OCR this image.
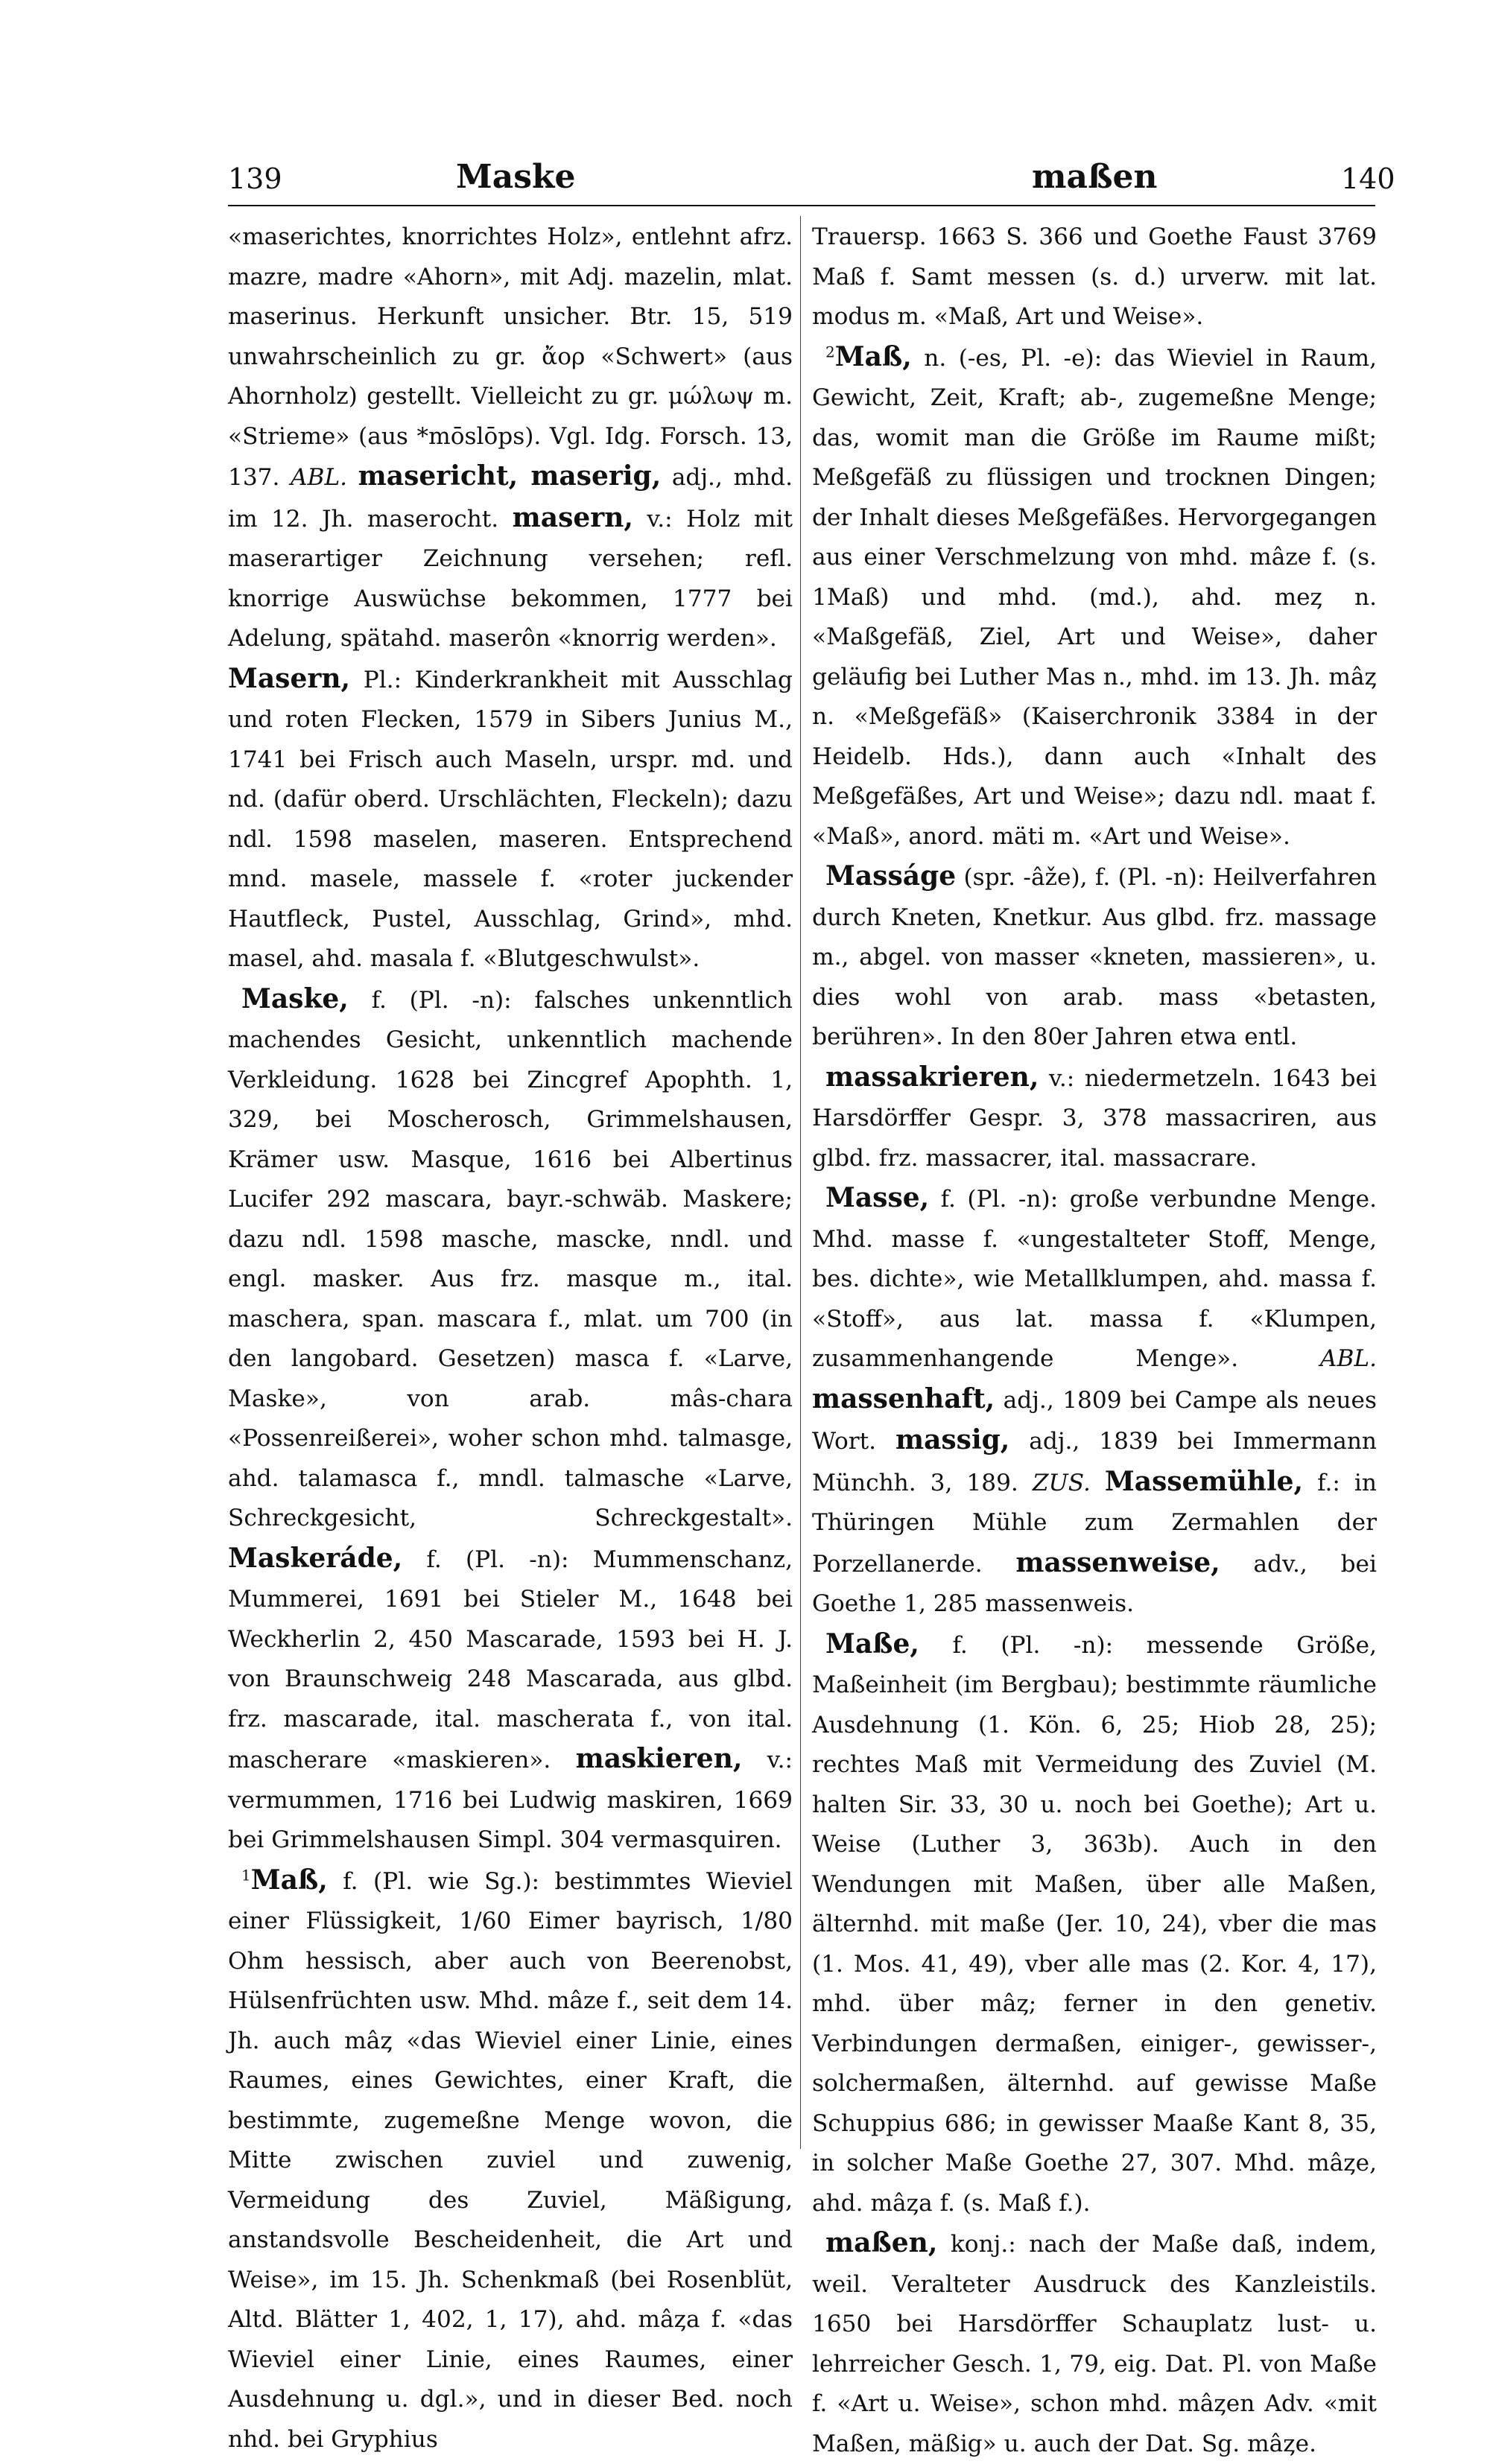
139	Maske	maßen	140

«maserichtes, knorrichtes Holz», entlehnt afrz. mazre, madre «Ahorn», mit Adj. mazelin, mlat. maserinus. Herkunft unsicher. Btr. 15, 519 unwahrscheinlich zu gr. ἄορ «Schwert» (aus Ahornholz) gestellt. Vielleicht zu gr. μώλωψ m. «Strieme» (aus *mōslōps). Vgl. Idg. Forsch. 13, 137. ABL. masericht, maserig, adj., mhd. im 12. Jh. maserocht. masern, v.: Holz mit maserartiger Zeichnung versehen; refl. knorrige Auswüchse bekommen, 1777 bei Adelung, spätahd. maserôn «knorrig werden».

Masern, Pl.: Kinderkrankheit mit Ausschlag und roten Flecken, 1579 in Sibers Junius M., 1741 bei Frisch auch Maseln, urspr. md. und nd. (dafür oberd. Urschlächten, Fleckeln); dazu ndl. 1598 maselen, maseren. Entsprechend mnd. masele, massele f. «roter juckender Hautfleck, Pustel, Ausschlag, Grind», mhd. masel, ahd. masala f. «Blutgeschwulst».

Maske, f. (Pl. -n): falsches unkenntlich machendes Gesicht, unkenntlich machende Verkleidung. 1628 bei Zincgref Apophth. 1, 329, bei Moscherosch, Grimmelshausen, Krämer usw. Masque, 1616 bei Albertinus Lucifer 292 mascara, bayr.-schwäb. Maskere; dazu ndl. 1598 masche, mascke, nndl. und engl. masker. Aus frz. masque m., ital. maschera, span. mascara f., mlat. um 700 (in den langobard. Gesetzen) masca f. «Larve, Maske», von arab. mâs-chara «Possenreißerei», woher schon mhd. talmasge, ahd. talamasca f., mndl. talmasche «Larve, Schreckgesicht, Schreckgestalt». Maskeráde, f. (Pl. -n): Mummenschanz, Mummerei, 1691 bei Stieler M., 1648 bei Weckherlin 2, 450 Mascarade, 1593 bei H. J. von Braunschweig 248 Mascarada, aus glbd. frz. mascarade, ital. mascherata f., von ital. mascherare «maskieren». maskieren, v.: vermummen, 1716 bei Ludwig maskiren, 1669 bei Grimmelshausen Simpl. 304 vermasquiren.

$^1$Maß, f. (Pl. wie Sg.): bestimmtes Wieviel einer Flüssigkeit, 1/60 Eimer bayrisch, 1/80 Ohm hessisch, aber auch von Beerenobst, Hülsenfrüchten usw. Mhd. mâze f., seit dem 14. Jh. auch mâȥ «das Wieviel einer Linie, eines Raumes, eines Gewichtes, einer Kraft, die bestimmte, zugemeßne Menge wovon, die Mitte zwischen zuviel und zuwenig, Vermeidung des Zuviel, Mäßigung, anstandsvolle Bescheidenheit, die Art und Weise», im 15. Jh. Schenkmaß (bei Rosenblüt, Altd. Blätter 1, 402, 1, 17), ahd. mâȥa f. «das Wieviel einer Linie, eines Raumes, einer Ausdehnung u. dgl.», und in dieser Bed. noch nhd. bei Gryphius

Trauersp. 1663 S. 366 und Goethe Faust 3769 Maß f. Samt messen (s. d.) urverw. mit lat. modus m. «Maß, Art und Weise».

$^2$Maß, n. (-es, Pl. -e): das Wieviel in Raum, Gewicht, Zeit, Kraft; ab-, zugemeßne Menge; das, womit man die Größe im Raume mißt; Meßgefäß zu flüssigen und trocknen Dingen; der Inhalt dieses Meßgefäßes. Hervorgegangen aus einer Verschmelzung von mhd. mâze f. (s. 1Maß) und mhd. (md.), ahd. meȥ n. «Maßgefäß, Ziel, Art und Weise», daher geläufig bei Luther Mas n., mhd. im 13. Jh. mâȥ n. «Meßgefäß» (Kaiserchronik 3384 in der Heidelb. Hds.), dann auch «Inhalt des Meßgefäßes, Art und Weise»; dazu ndl. maat f. «Maß», anord. mäti m. «Art und Weise».

Masságe (spr. -âže), f. (Pl. -n): Heilverfahren durch Kneten, Knetkur. Aus glbd. frz. massage m., abgel. von masser «kneten, massieren», u. dies wohl von arab. mass «betasten, berühren». In den 80er Jahren etwa entl.

massakrieren, v.: niedermetzeln. 1643 bei Harsdörffer Gespr. 3, 378 massacriren, aus glbd. frz. massacrer, ital. massacrare.

Masse, f. (Pl. -n): große verbundne Menge. Mhd. masse f. «ungestalteter Stoff, Menge, bes. dichte», wie Metallklumpen, ahd. massa f. «Stoff», aus lat. massa f. «Klumpen, zusammenhangende Menge».	ABL. massenhaft, adj., 1809 bei Campe als neues Wort. massig, adj., 1839 bei Immermann Münchh. 3, 189. ZUS. Massemühle, f.: in Thüringen Mühle zum Zermahlen der Porzellanerde. massenweise, adv., bei Goethe 1, 285 massenweis.

Maße, f. (Pl. -n): messende Größe, Maßeinheit (im Bergbau); bestimmte räumliche Ausdehnung (1. Kön. 6, 25; Hiob 28, 25); rechtes Maß mit Vermeidung des Zuviel (M. halten Sir. 33, 30 u. noch bei Goethe); Art u. Weise (Luther 3, 363b). Auch in den Wendungen mit Maßen, über alle Maßen, älternhd. mit maße (Jer. 10, 24), vber die mas (1. Mos. 41, 49), vber alle mas (2. Kor. 4, 17), mhd. über mâȥ; ferner in den genetiv. Verbindungen dermaßen, einiger-, gewisser-, solchermaßen, älternhd. auf gewisse Maße Schuppius 686; in gewisser Maaße Kant 8, 35, in solcher Maße Goethe 27, 307. Mhd. mâȥe, ahd. mâȥa f. (s. Maß f.).

maßen, konj.: nach der Maße daß, indem, weil. Veralteter Ausdruck des Kanzleistils. 1650 bei Harsdörffer Schauplatz lust- u. lehrreicher Gesch. 1, 79, eig. Dat. Pl. von Maße f. «Art u. Weise», schon mhd. mâȥen Adv. «mit Maßen, mäßig» u. auch der Dat. Sg. mâȥe.
